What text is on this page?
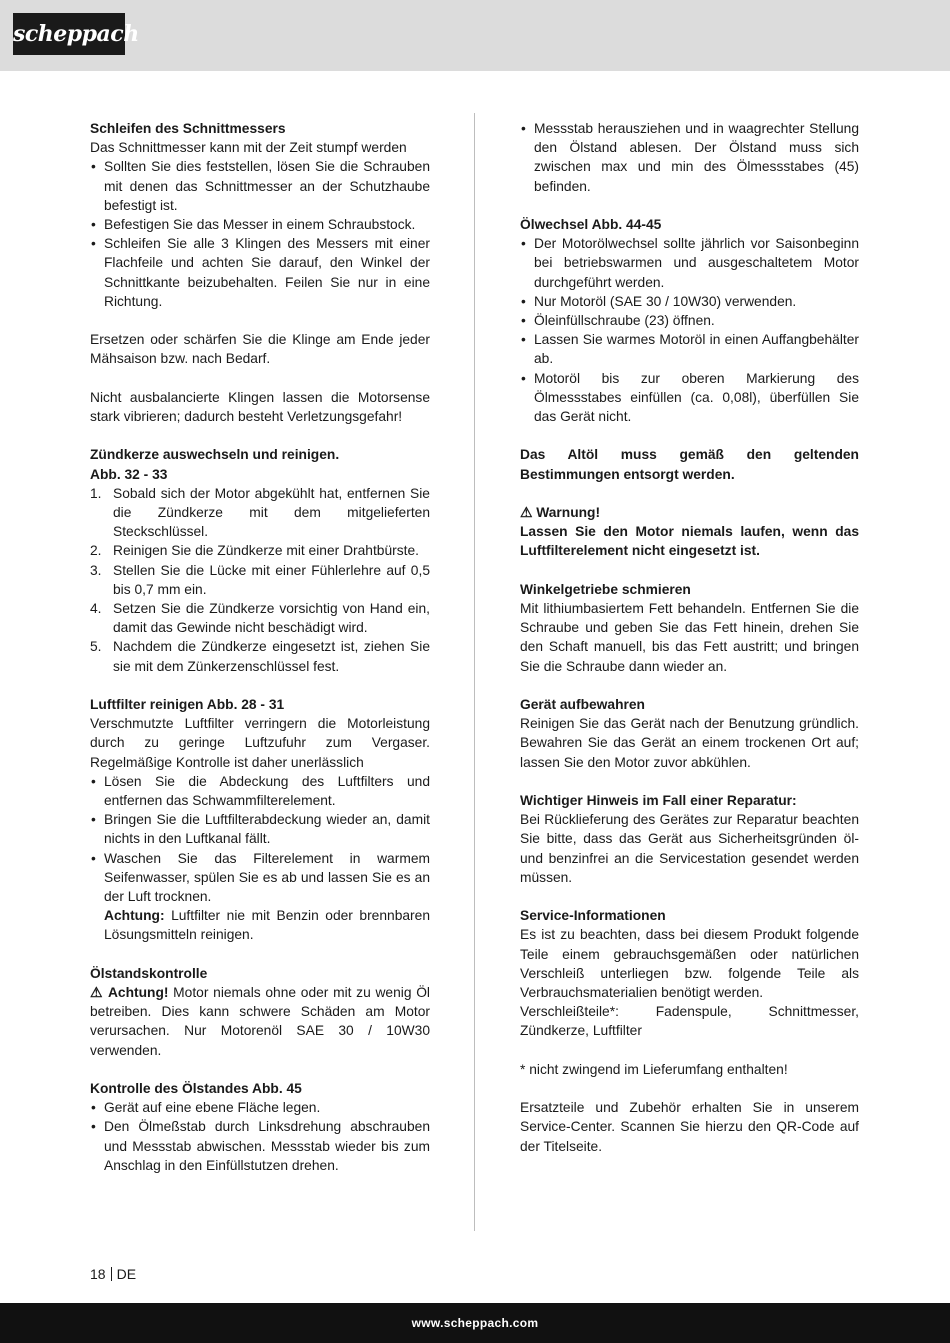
scheppach

Schleifen des Schnittmessers

Das Schnittmesser kann mit der Zeit stumpf werden

• Sollten Sie dies feststellen, lösen Sie die Schrauben mit denen das Schnittmesser an der Schutzhaube befestigt ist.
• Befestigen Sie das Messer in einem Schraubstock.
• Schleifen Sie alle 3 Klingen des Messers mit einer Flachfeile und achten Sie darauf, den Winkel der Schnittkante beizubehalten. Feilen Sie nur in eine Richtung.

Ersetzen oder schärfen Sie die Klinge am Ende jeder Mähsaison bzw. nach Bedarf.

Nicht ausbalancierte Klingen lassen die Motorsense stark vibrieren; dadurch besteht Verletzungsgefahr!

Zündkerze auswechseln und reinigen.

Abb. 32 - 33

1. Sobald sich der Motor abgekühlt hat, entfernen Sie die Zündkerze mit dem mitgelieferten Steckschlüssel.
2. Reinigen Sie die Zündkerze mit einer Drahtbürste.
3. Stellen Sie die Lücke mit einer Fühlerlehre auf 0,5 bis 0,7 mm ein.
4. Setzen Sie die Zündkerze vorsichtig von Hand ein, damit das Gewinde nicht beschädigt wird.
5. Nachdem die Zündkerze eingesetzt ist, ziehen Sie sie mit dem Zünkerzenschlüssel fest.

Luftfilter reinigen Abb. 28 - 31

Verschmutzte Luftfilter verringern die Motorleistung durch zu geringe Luftzufuhr zum Vergaser. Regelmäßige Kontrolle ist daher unerlässlich

• Lösen Sie die Abdeckung des Luftfilters und entfernen das Schwammfilterelement.
• Bringen Sie die Luftfilterabdeckung wieder an, damit nichts in den Luftkanal fällt.
• Waschen Sie das Filterelement in warmem Seifenwasser, spülen Sie es ab und lassen Sie es an der Luft trocknen.
Achtung: Luftfilter nie mit Benzin oder brennbaren Lösungsmitteln reinigen.

Ölstandskontrolle

⚠ Achtung! Motor niemals ohne oder mit zu wenig Öl betreiben. Dies kann schwere Schäden am Motor verursachen. Nur Motorenöl SAE 30 / 10W30 verwenden.

Kontrolle des Ölstandes Abb. 45

• Gerät auf eine ebene Fläche legen.
• Den Ölmeßstab durch Linksdrehung abschrauben und Messstab abwischen. Messstab wieder bis zum Anschlag in den Einfüllstutzen drehen.
• Messstab herausziehen und in waagrechter Stellung den Ölstand ablesen. Der Ölstand muss sich zwischen max und min des Ölmessstabes (45) befinden.

Ölwechsel Abb. 44-45

• Der Motorölwechsel sollte jährlich vor Saisonbeginn bei betriebswarmen und ausgeschaltetem Motor durchgeführt werden.
• Nur Motoröl (SAE 30 / 10W30) verwenden.
• Öleinfüllschraube (23) öffnen.
• Lassen Sie warmes Motoröl in einen Auffangbehälter ab.
• Motoröl bis zur oberen Markierung des Ölmessstabes einfüllen (ca. 0,08l), überfüllen Sie das Gerät nicht.

Das Altöl muss gemäß den geltenden Bestimmungen entsorgt werden.

⚠ Warnung!

Lassen Sie den Motor niemals laufen, wenn das Luftfilterelement nicht eingesetzt ist.

Winkelgetriebe schmieren

Mit lithiumbasiertem Fett behandeln. Entfernen Sie die Schraube und geben Sie das Fett hinein, drehen Sie den Schaft manuell, bis das Fett austritt; und bringen Sie die Schraube dann wieder an.

Gerät aufbewahren

Reinigen Sie das Gerät nach der Benutzung gründlich. Bewahren Sie das Gerät an einem trockenen Ort auf; lassen Sie den Motor zuvor abkühlen.

Wichtiger Hinweis im Fall einer Reparatur:

Bei Rücklieferung des Gerätes zur Reparatur beachten Sie bitte, dass das Gerät aus Sicherheitsgründen öl- und benzinfrei an die Servicestation gesendet werden müssen.

Service-Informationen

Es ist zu beachten, dass bei diesem Produkt folgende Teile einem gebrauchsgemäßen oder natürlichen Verschleiß unterliegen bzw. folgende Teile als Verbrauchsmaterialien benötigt werden.

Verschleißteile*: Fadenspule, Schnittmesser, Zündkerze, Luftfilter

* nicht zwingend im Lieferumfang enthalten!

Ersatzteile und Zubehör erhalten Sie in unserem Service-Center. Scannen Sie hierzu den QR-Code auf der Titelseite.

18 DE
www.scheppach.com
